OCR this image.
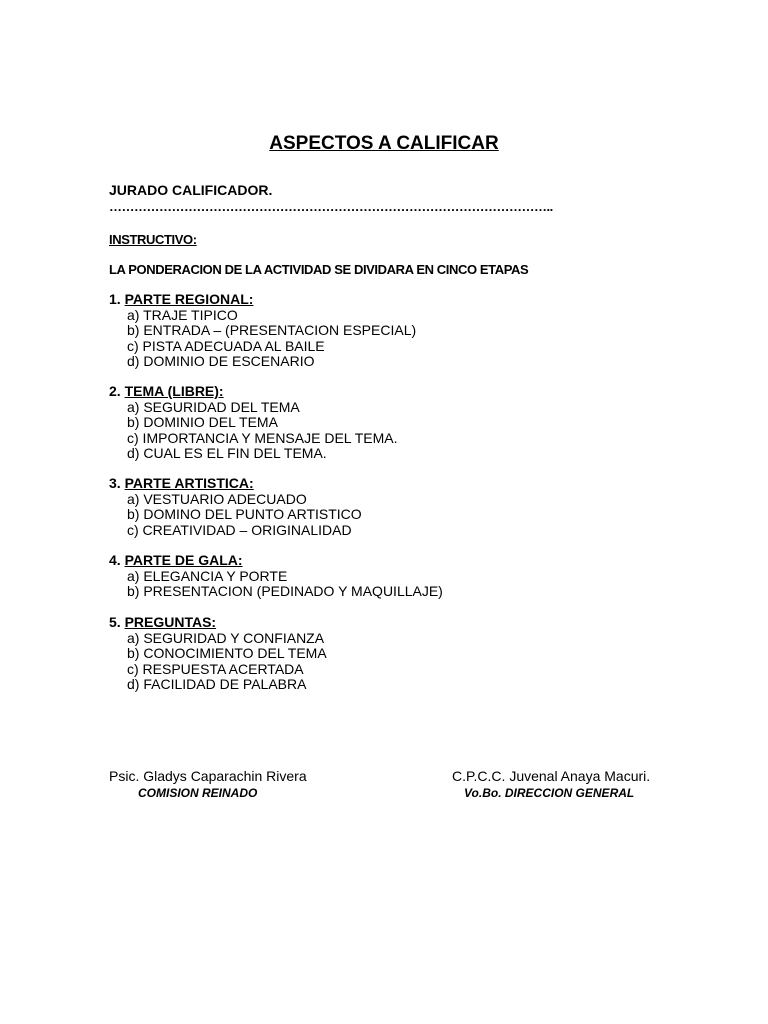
ASPECTOS A CALIFICAR
JURADO CALIFICADOR.
……………………………………………………………………………………………..
INSTRUCTIVO:
LA PONDERACION DE LA ACTIVIDAD SE DIVIDARA EN CINCO ETAPAS
1. PARTE REGIONAL:
a) TRAJE TIPICO
b) ENTRADA – (PRESENTACION ESPECIAL)
c) PISTA ADECUADA AL BAILE
d) DOMINIO DE ESCENARIO
2. TEMA (LIBRE):
a) SEGURIDAD DEL TEMA
b) DOMINIO DEL TEMA
c) IMPORTANCIA Y MENSAJE DEL TEMA.
d) CUAL ES EL FIN DEL TEMA.
3. PARTE ARTISTICA:
a) VESTUARIO ADECUADO
b) DOMINO DEL PUNTO ARTISTICO
c) CREATIVIDAD – ORIGINALIDAD
4. PARTE DE GALA:
a) ELEGANCIA Y PORTE
b) PRESENTACION (PEDINADO Y MAQUILLAJE)
5. PREGUNTAS:
a) SEGURIDAD Y CONFIANZA
b) CONOCIMIENTO DEL TEMA
c) RESPUESTA ACERTADA
d) FACILIDAD DE PALABRA
Psic. Gladys Caparachin Rivera
COMISION REINADO
C.P.C.C. Juvenal Anaya Macuri.
Vo.Bo. DIRECCION GENERAL
